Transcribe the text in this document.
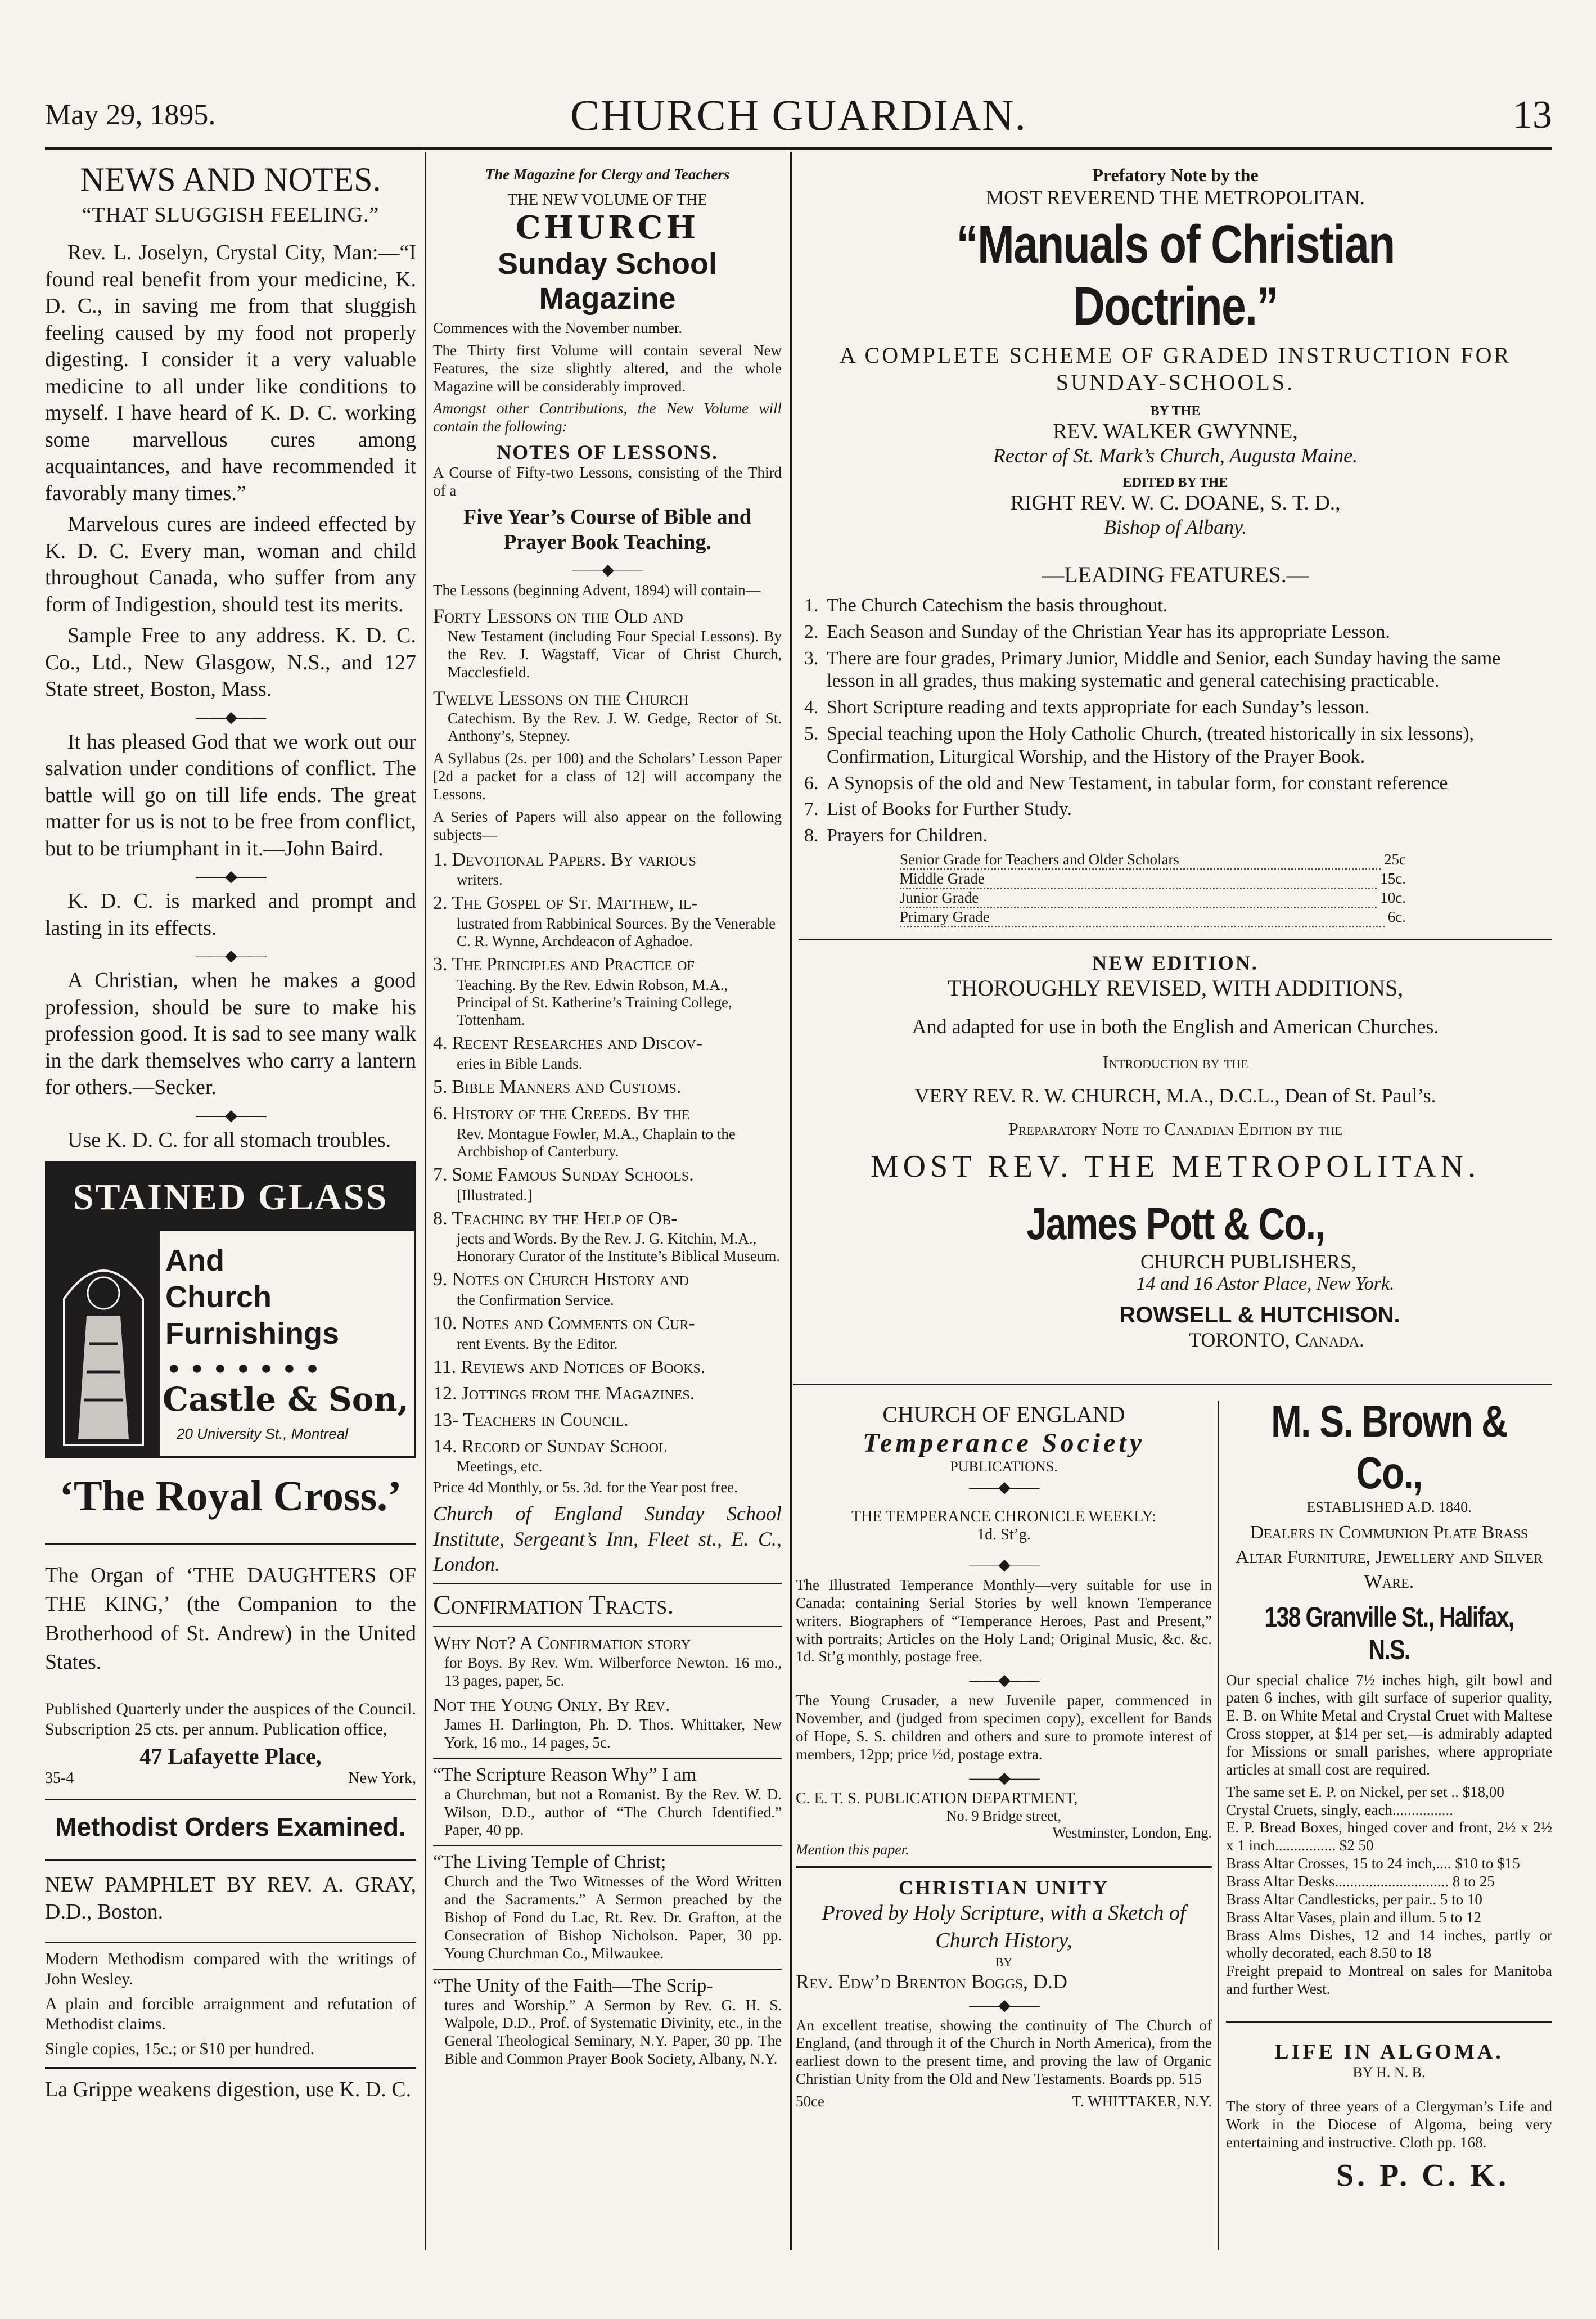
May 29, 1895.	CHURCH GUARDIAN.	13
NEWS AND NOTES.
“THAT SLUGGISH FEELING.”

Rev. L. Joselyn, Crystal City, Man:—“I found real benefit from your medicine, K. D. C., in saving me from that sluggish feeling caused by my food not properly digesting. I consider it a very valuable medicine to all under like conditions to myself. I have heard of K. D. C. working some marvellous cures among acquaintances, and have recommended it favorably many times.”

Marvelous cures are indeed effected by K. D. C. Every man, woman and child throughout Canada, who suffer from any form of Indigestion, should test its merits.

Sample Free to any address. K. D. C. Co., Ltd., New Glasgow, N.S., and 127 State street, Boston, Mass.

——◆——

It has pleased God that we work out our salvation under conditions of conflict. The battle will go on till life ends. The great matter for us is not to be free from conflict, but to be triumphant in it.—John Baird.

——◆——

K. D. C. is marked and prompt and lasting in its effects.

——◆——

A Christian, when he makes a good profession, should be sure to make his profession good. It is sad to see many walk in the dark themselves who carry a lantern for others.—Secker.

——◆——

Use K. D. C. for all stomach troubles.

STAINED GLASS
And
Church
Furnishings
● ● ● ● ● ● ●
Castle & Son,
20 University St., Montreal
‘The Royal Cross.’

The Organ of ‘THE DAUGHTERS OF THE KING,’ (the Companion to the Brotherhood of St. Andrew) in the United States.

Published Quarterly under the auspices of the Council. Subscription 25 cts. per annum. Publication office,

47 Lafayette Place,
35-4	New York,
Methodist Orders Examined.

NEW PAMPHLET BY REV. A. GRAY, D.D., Boston.

Modern Methodism compared with the writings of John Wesley.

A plain and forcible arraignment and refutation of Methodist claims.

Single copies, 15c.; or $10 per hundred.

La Grippe weakens digestion, use K. D. C.

The Magazine for Clergy and Teachers
THE NEW VOLUME OF THE
CHURCH
Sunday School Magazine

Commences with the November number.

The Thirty first Volume will contain several New Features, the size slightly altered, and the whole Magazine will be considerably improved.

Amongst other Contributions, the New Volume will contain the following:

NOTES OF LESSONS.

A Course of Fifty-two Lessons, consisting of the Third of a

Five Year’s Course of Bible and Prayer Book Teaching.
——◆——

The Lessons (beginning Advent, 1894) will contain—

Forty Lessons on the Old and

New Testament (including Four Special Lessons). By the Rev. J. Wagstaff, Vicar of Christ Church, Macclesfield.

Twelve Lessons on the Church

Catechism. By the Rev. J. W. Gedge, Rector of St. Anthony’s, Stepney.

A Syllabus (2s. per 100) and the Scholars’ Lesson Paper [2d a packet for a class of 12] will accompany the Lessons.

A Series of Papers will also appear on the following subjects—

1. Devotional Papers. By various
writers.
2. The Gospel of St. Matthew, il-
lustrated from Rabbinical Sources. By the Venerable C. R. Wynne, Archdeacon of Aghadoe.
3. The Principles and Practice of
Teaching. By the Rev. Edwin Robson, M.A., Principal of St. Katherine’s Training College, Tottenham.
4. Recent Researches and Discov-
eries in Bible Lands.
5. Bible Manners and Customs.
6. History of the Creeds. By the
Rev. Montague Fowler, M.A., Chaplain to the Archbishop of Canterbury.
7. Some Famous Sunday Schools.
[Illustrated.]
8. Teaching by the Help of Ob-
jects and Words. By the Rev. J. G. Kitchin, M.A., Honorary Curator of the Institute’s Biblical Museum.
9. Notes on Church History and
the Confirmation Service.
10. Notes and Comments on Cur-
rent Events. By the Editor.
11. Reviews and Notices of Books.
12. Jottings from the Magazines.
13- Teachers in Council.
14. Record of Sunday School
Meetings, etc.

Price 4d Monthly, or 5s. 3d. for the Year post free.

Church of England Sunday School Institute, Sergeant’s Inn, Fleet st., E. C., London.

Confirmation Tracts.
Why Not? A Confirmation story

for Boys. By Rev. Wm. Wilberforce Newton. 16 mo., 13 pages, paper, 5c.

Not the Young Only. By Rev.

James H. Darlington, Ph. D. Thos. Whittaker, New York, 16 mo., 14 pages, 5c.

“The Scripture Reason Why” I am

a Churchman, but not a Romanist. By the Rev. W. D. Wilson, D.D., author of “The Church Identified.” Paper, 40 pp.

“The Living Temple of Christ;

Church and the Two Witnesses of the Word Written and the Sacraments.” A Sermon preached by the Bishop of Fond du Lac, Rt. Rev. Dr. Grafton, at the Consecration of Bishop Nicholson. Paper, 30 pp. Young Churchman Co., Milwaukee.

“The Unity of the Faith—The Scrip-

tures and Worship.” A Sermon by Rev. G. H. S. Walpole, D.D., Prof. of Systematic Divinity, etc., in the General Theological Seminary, N.Y. Paper, 30 pp. The Bible and Common Prayer Book Society, Albany, N.Y.

Prefatory Note by the
MOST REVEREND THE METROPOLITAN.
“Manuals of Christian Doctrine.”
A COMPLETE SCHEME OF GRADED INSTRUCTION FOR SUNDAY-SCHOOLS.
BY THE
REV. WALKER GWYNNE,
Rector of St. Mark’s Church, Augusta Maine.
EDITED BY THE
RIGHT REV. W. C. DOANE, S. T. D.,
Bishop of Albany.
—LEADING FEATURES.—
1. The Church Catechism the basis throughout.
2. Each Season and Sunday of the Christian Year has its appropriate Lesson.
3. There are four grades, Primary Junior, Middle and Senior, each Sunday having the same lesson in all grades, thus making systematic and general catechising practicable.
4. Short Scripture reading and texts appropriate for each Sunday’s lesson.
5. Special teaching upon the Holy Catholic Church, (treated historically in six lessons), Confirmation, Liturgical Worship, and the History of the Prayer Book.
6. A Synopsis of the old and New Testament, in tabular form, for constant reference
7. List of Books for Further Study.
8. Prayers for Children.
Senior Grade for Teachers and Older Scholars	25c
Middle Grade	15c.
Junior Grade	10c.
Primary Grade	6c.
NEW EDITION.
THOROUGHLY REVISED, WITH ADDITIONS,
And adapted for use in both the English and American Churches.
Introduction by the
VERY REV. R. W. CHURCH, M.A., D.C.L., Dean of St. Paul’s.
Preparatory Note to Canadian Edition by the
MOST REV. THE METROPOLITAN.
James Pott & Co.,
CHURCH PUBLISHERS,
14 and 16 Astor Place, New York.
ROWSELL & HUTCHISON.
TORONTO, Canada.
CHURCH OF ENGLAND
Temperance Society
PUBLICATIONS.
——◆——
THE TEMPERANCE CHRONICLE WEEKLY: 1d. St’g.
——◆——

The Illustrated Temperance Monthly—very suitable for use in Canada: containing Serial Stories by well known Temperance writers. Biographers of “Temperance Heroes, Past and Present,” with portraits; Articles on the Holy Land; Original Music, &c. &c. 1d. St’g monthly, postage free.

——◆——

The Young Crusader, a new Juvenile paper, commenced in November, and (judged from specimen copy), excellent for Bands of Hope, S. S. children and others and sure to promote interest of members, 12pp; price ½d, postage extra.

——◆——
C. E. T. S. PUBLICATION DEPARTMENT,
No. 9 Bridge street,
Westminster, London, Eng.
Mention this paper.
CHRISTIAN UNITY
Proved by Holy Scripture, with a Sketch of Church History,
BY
Rev. Edw’d Brenton Boggs, D.D
——◆——

An excellent treatise, showing the continuity of The Church of England, (and through it of the Church in North America), from the earliest down to the present time, and proving the law of Organic Christian Unity from the Old and New Testaments. Boards pp. 515

50ce	T. WHITTAKER, N.Y.
M. S. Brown & Co.,
ESTABLISHED A.D. 1840.
Dealers in Communion Plate Brass Altar Furniture, Jewellery and Silver Ware.
138 Granville St., Halifax, N.S.

Our special chalice 7½ inches high, gilt bowl and paten 6 inches, with gilt surface of superior quality, E. B. on White Metal and Crystal Cruet with Maltese Cross stopper, at $14 per set,—is admirably adapted for Missions or small parishes, where appropriate articles at small cost are required.

The same set E. P. on Nickel, per set .. $18,00

Crystal Cruets, singly, each................

E. P. Bread Boxes, hinged cover and front, 2½ x 2½ x 1 inch................ $2 50

Brass Altar Crosses, 15 to 24 inch,.... $10 to $15

Brass Altar Desks.............................. 8 to 25

Brass Altar Candlesticks, per pair.. 5 to 10

Brass Altar Vases, plain and illum. 5 to 12

Brass Alms Dishes, 12 and 14 inches, partly or wholly decorated, each 8.50 to 18

Freight prepaid to Montreal on sales for Manitoba and further West.

LIFE IN ALGOMA.
BY H. N. B.

The story of three years of a Clergyman’s Life and Work in the Diocese of Algoma, being very entertaining and instructive. Cloth pp. 168.

S. P. C. K.
